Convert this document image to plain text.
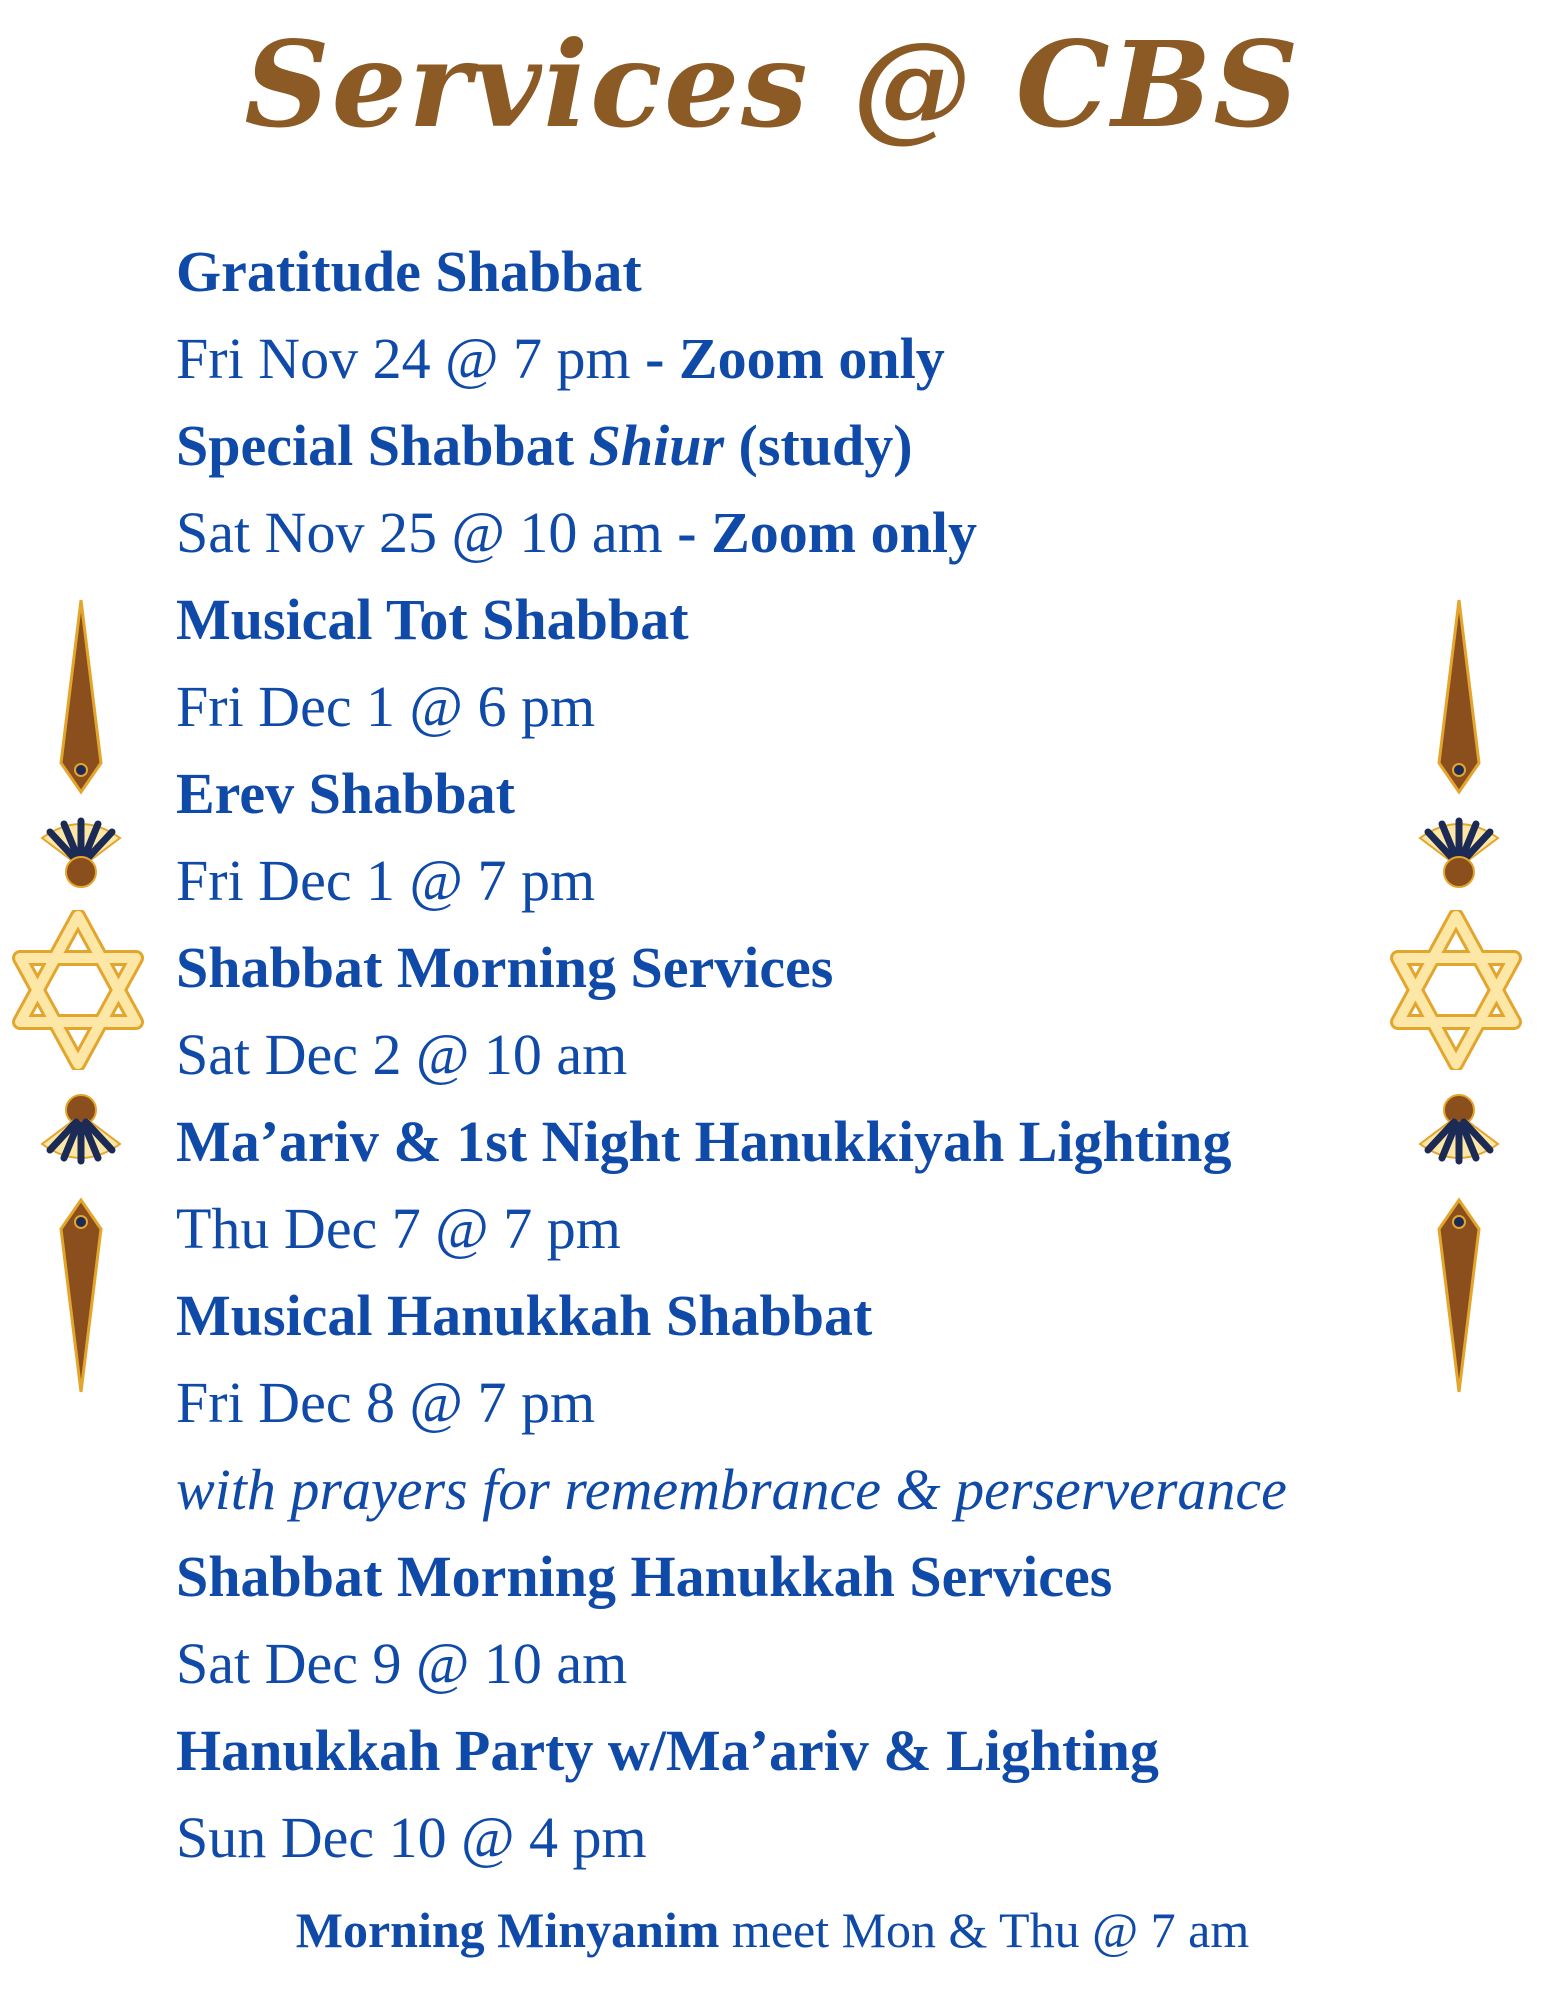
Services @ CBS
Gratitude Shabbat
Fri Nov 24 @ 7 pm - Zoom only
Special Shabbat Shiur (study)
Sat Nov 25 @ 10 am - Zoom only
Musical Tot Shabbat
Fri Dec 1 @ 6 pm
Erev Shabbat
Fri Dec 1 @ 7 pm
Shabbat Morning Services
Sat Dec 2 @ 10 am
Ma’ariv & 1st Night Hanukkiyah Lighting
Thu Dec 7 @ 7 pm
Musical Hanukkah Shabbat
Fri Dec 8 @ 7 pm
with prayers for remembrance & perserverance
Shabbat Morning Hanukkah Services
Sat Dec 9 @ 10 am
Hanukkah Party w/Ma’ariv & Lighting
Sun Dec 10 @ 4 pm
Morning Minyanim meet Mon & Thu @ 7 am
